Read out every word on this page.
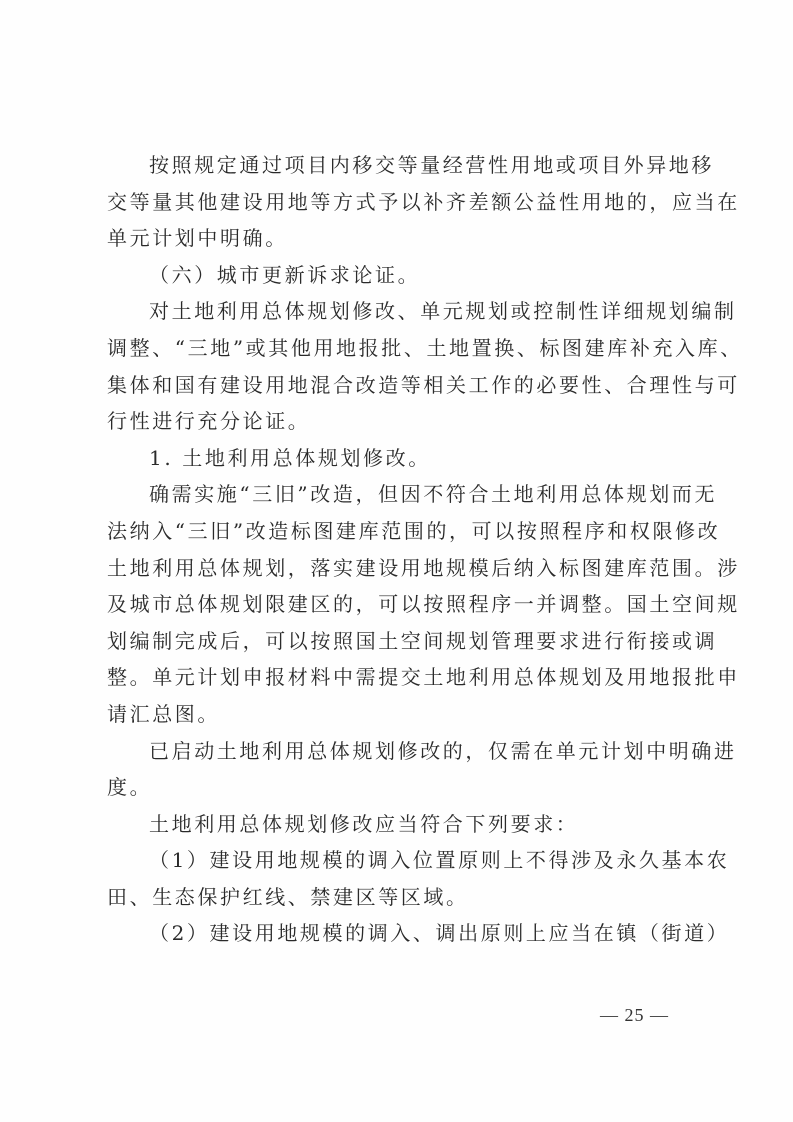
按照规定通过项目内移交等量经营性用地或项目外异地移
交等量其他建设用地等方式予以补齐差额公益性用地的，应当在
单元计划中明确。
（六）城市更新诉求论证。
对土地利用总体规划修改、单元规划或控制性详细规划编制
调整、“三地”或其他用地报批、土地置换、标图建库补充入库、
集体和国有建设用地混合改造等相关工作的必要性、合理性与可
行性进行充分论证。
1. 土地利用总体规划修改。
确需实施“三旧”改造，但因不符合土地利用总体规划而无
法纳入“三旧”改造标图建库范围的，可以按照程序和权限修改
土地利用总体规划，落实建设用地规模后纳入标图建库范围。涉
及城市总体规划限建区的，可以按照程序一并调整。国土空间规
划编制完成后，可以按照国土空间规划管理要求进行衔接或调
整。单元计划申报材料中需提交土地利用总体规划及用地报批申
请汇总图。
已启动土地利用总体规划修改的，仅需在单元计划中明确进
度。
土地利用总体规划修改应当符合下列要求：
（1）建设用地规模的调入位置原则上不得涉及永久基本农
田、生态保护红线、禁建区等区域。
（2）建设用地规模的调入、调出原则上应当在镇（街道）
— 25 —
